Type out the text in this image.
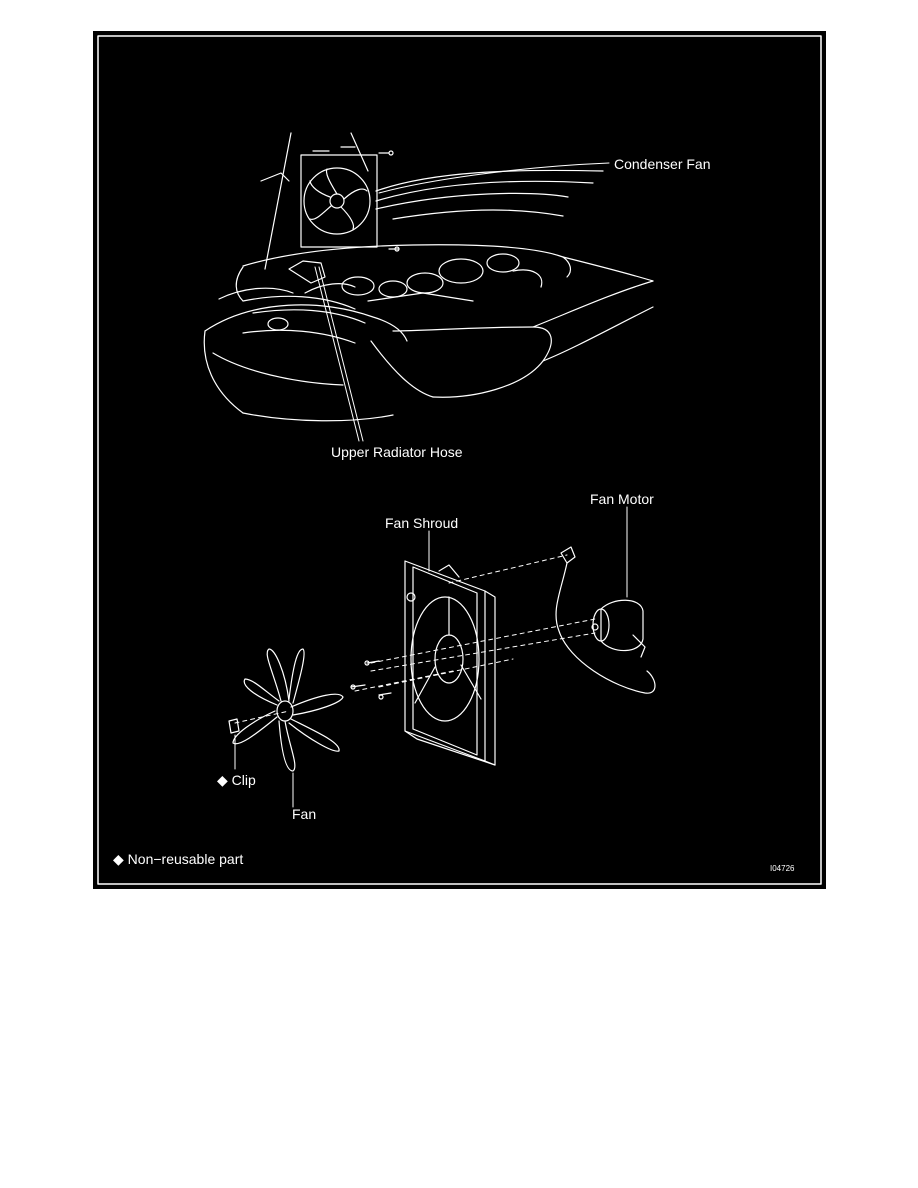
Condenser Fan
Upper Radiator Hose
Fan Motor
Fan Shroud
◆ Clip
Fan
◆ Non−reusable part
I04726
